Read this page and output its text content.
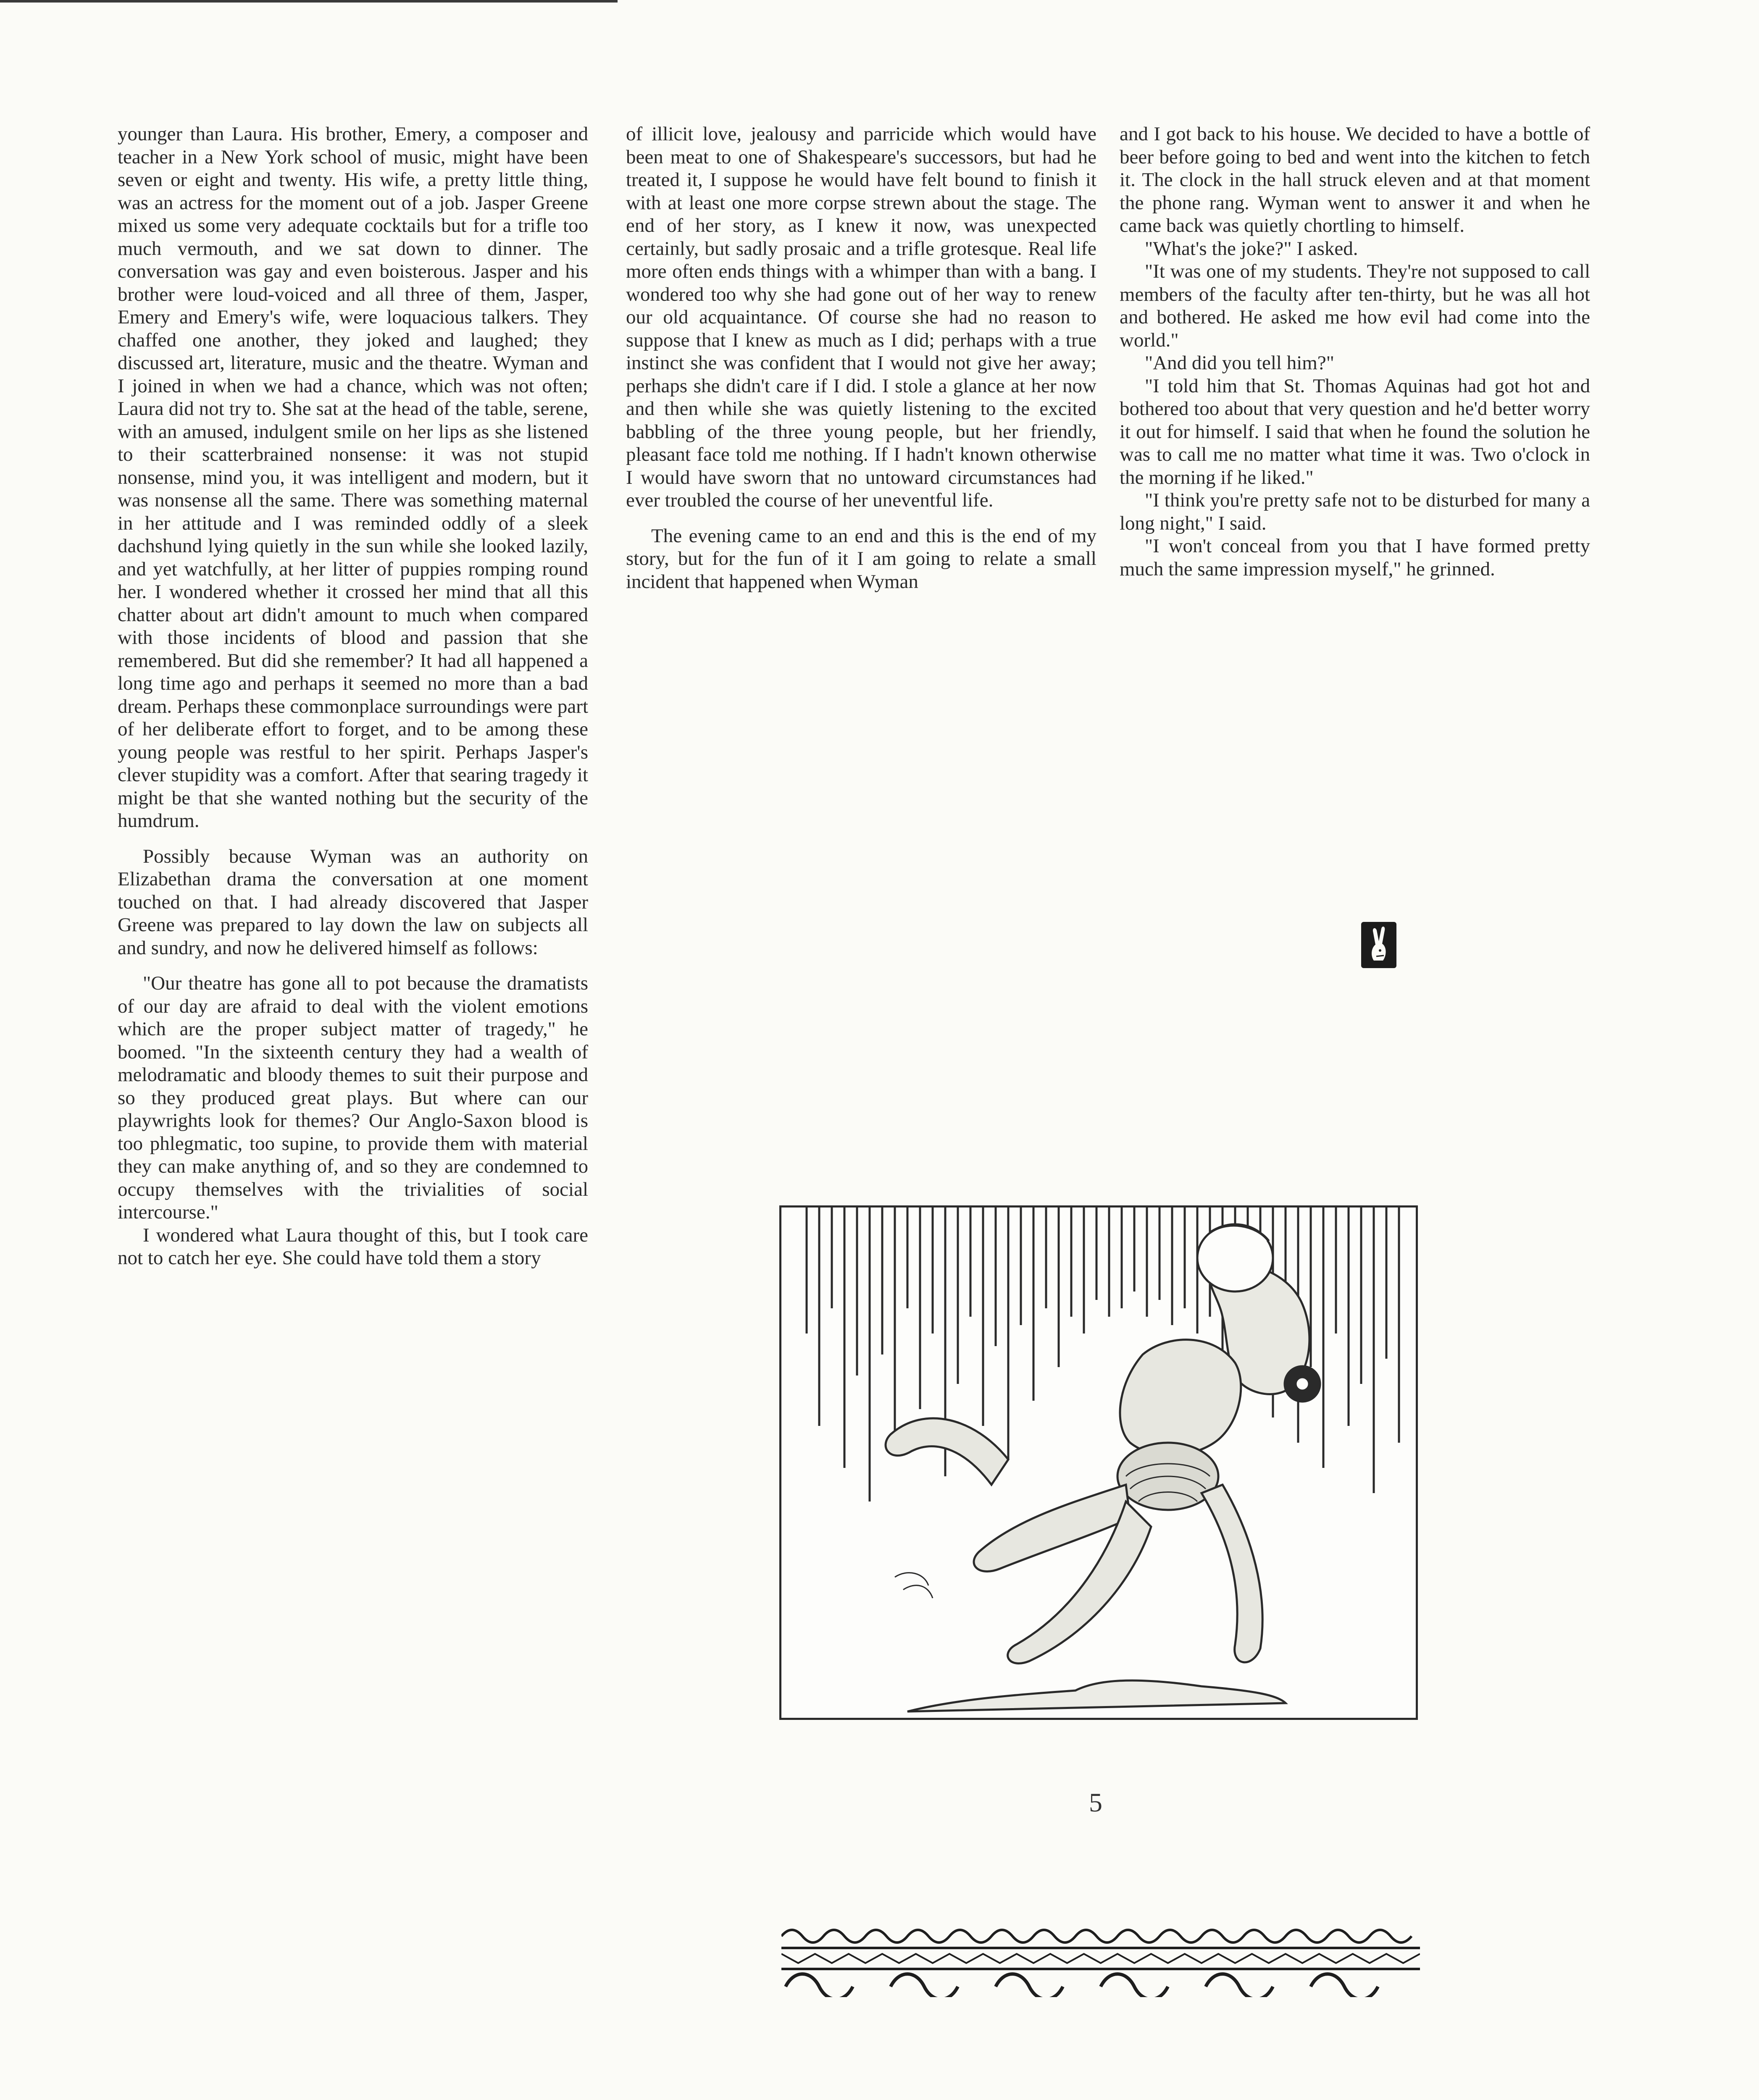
younger than Laura. His brother, Emery, a composer and teacher in a New York school of music, might have been seven or eight and twenty. His wife, a pretty little thing, was an actress for the moment out of a job. Jasper Greene mixed us some very adequate cocktails but for a trifle too much vermouth, and we sat down to dinner. The conversation was gay and even boisterous. Jasper and his brother were loud-voiced and all three of them, Jasper, Emery and Emery's wife, were loquacious talkers. They chaffed one another, they joked and laughed; they discussed art, literature, music and the theatre. Wyman and I joined in when we had a chance, which was not often; Laura did not try to. She sat at the head of the table, serene, with an amused, indulgent smile on her lips as she listened to their scatterbrained nonsense: it was not stupid nonsense, mind you, it was intelligent and modern, but it was nonsense all the same. There was something maternal in her attitude and I was reminded oddly of a sleek dachshund lying quietly in the sun while she looked lazily, and yet watchfully, at her litter of puppies romping round her. I wondered whether it crossed her mind that all this chatter about art didn't amount to much when compared with those incidents of blood and passion that she remembered. But did she remember? It had all happened a long time ago and perhaps it seemed no more than a bad dream. Perhaps these commonplace surroundings were part of her deliberate effort to forget, and to be among these young people was restful to her spirit. Perhaps Jasper's clever stupidity was a comfort. After that searing tragedy it might be that she wanted nothing but the security of the humdrum.

Possibly because Wyman was an authority on Elizabethan drama the conversation at one moment touched on that. I had already discovered that Jasper Greene was prepared to lay down the law on subjects all and sundry, and now he delivered himself as follows:

"Our theatre has gone all to pot because the dramatists of our day are afraid to deal with the violent emotions which are the proper subject matter of tragedy," he boomed. "In the sixteenth century they had a wealth of melodramatic and bloody themes to suit their purpose and so they produced great plays. But where can our playwrights look for themes? Our Anglo-Saxon blood is too phlegmatic, too supine, to provide them with material they can make anything of, and so they are condemned to occupy themselves with the trivialities of social intercourse."

I wondered what Laura thought of this, but I took care not to catch her eye. She could have told them a story

of illicit love, jealousy and parricide which would have been meat to one of Shakespeare's successors, but had he treated it, I suppose he would have felt bound to finish it with at least one more corpse strewn about the stage. The end of her story, as I knew it now, was unexpected certainly, but sadly prosaic and a trifle grotesque. Real life more often ends things with a whimper than with a bang. I wondered too why she had gone out of her way to renew our old acquaintance. Of course she had no reason to suppose that I knew as much as I did; perhaps with a true instinct she was confident that I would not give her away; perhaps she didn't care if I did. I stole a glance at her now and then while she was quietly listening to the excited babbling of the three young people, but her friendly, pleasant face told me nothing. If I hadn't known otherwise I would have sworn that no untoward circumstances had ever troubled the course of her uneventful life.

The evening came to an end and this is the end of my story, but for the fun of it I am going to relate a small incident that happened when Wyman

and I got back to his house. We decided to have a bottle of beer before going to bed and went into the kitchen to fetch it. The clock in the hall struck eleven and at that moment the phone rang. Wyman went to answer it and when he came back was quietly chortling to himself.

"What's the joke?" I asked.

"It was one of my students. They're not supposed to call members of the faculty after ten-thirty, but he was all hot and bothered. He asked me how evil had come into the world."

"And did you tell him?"

"I told him that St. Thomas Aquinas had got hot and bothered too about that very question and he'd better worry it out for himself. I said that when he found the solution he was to call me no matter what time it was. Two o'clock in the morning if he liked."

"I think you're pretty safe not to be disturbed for many a long night," I said.

"I won't conceal from you that I have formed pretty much the same impression myself," he grinned.

5
